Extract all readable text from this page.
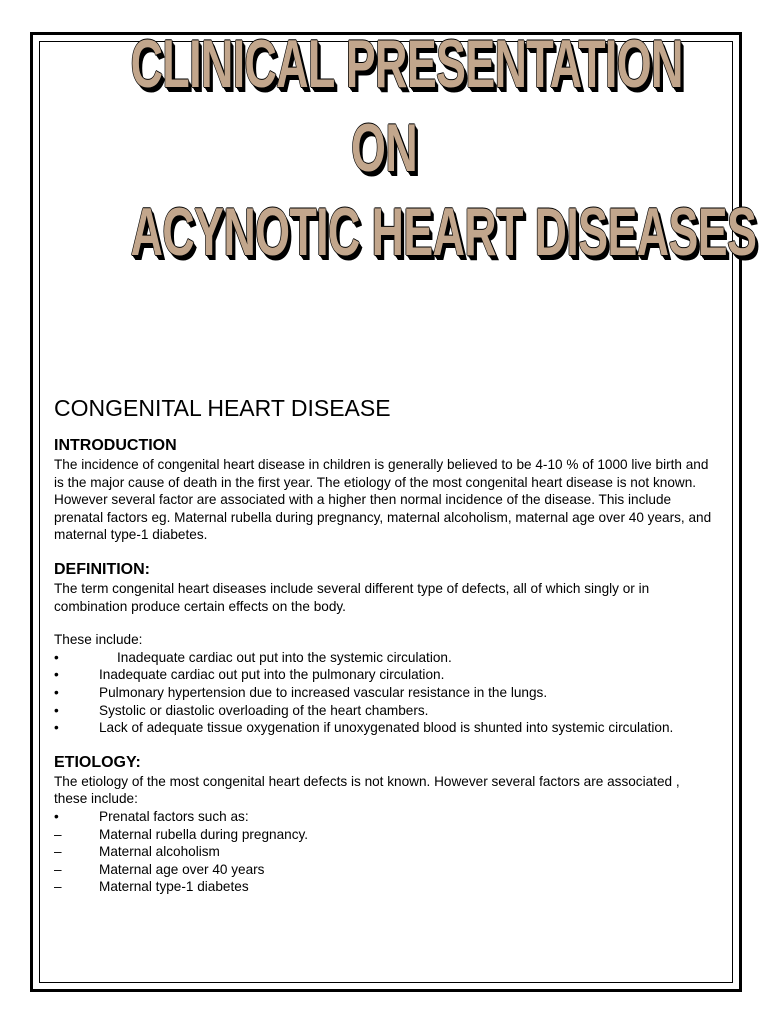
CLINICAL PRESENTATION
ON
ACYNOTIC HEART DISEASES
CONGENITAL HEART DISEASE
INTRODUCTION

The incidence of congenital heart disease in children is generally believed to be 4-10 % of 1000 live birth and is the major cause of death in the first year. The etiology of the most congenital heart disease is not known. However several factor are associated with a higher then normal incidence of the disease. This include prenatal factors eg. Maternal rubella during pregnancy, maternal alcoholism, maternal age over 40 years, and maternal type-1 diabetes.

DEFINITION:

The term congenital heart diseases include several different type of defects, all of which singly or in combination produce certain effects on the body.

These include:

•	Inadequate cardiac out put into the systemic circulation.
•	Inadequate cardiac out put into the pulmonary circulation.
•	Pulmonary hypertension due to increased vascular resistance in the lungs.
•	Systolic or diastolic overloading of the heart chambers.
•	Lack of adequate tissue oxygenation if unoxygenated blood is shunted into systemic circulation.
ETIOLOGY:

The etiology of the most congenital heart defects is not known. However several factors are associated , these include:

•	Prenatal factors such as:
–	Maternal rubella during pregnancy.
–	Maternal alcoholism
–	Maternal age over 40 years
–	Maternal type-1 diabetes
